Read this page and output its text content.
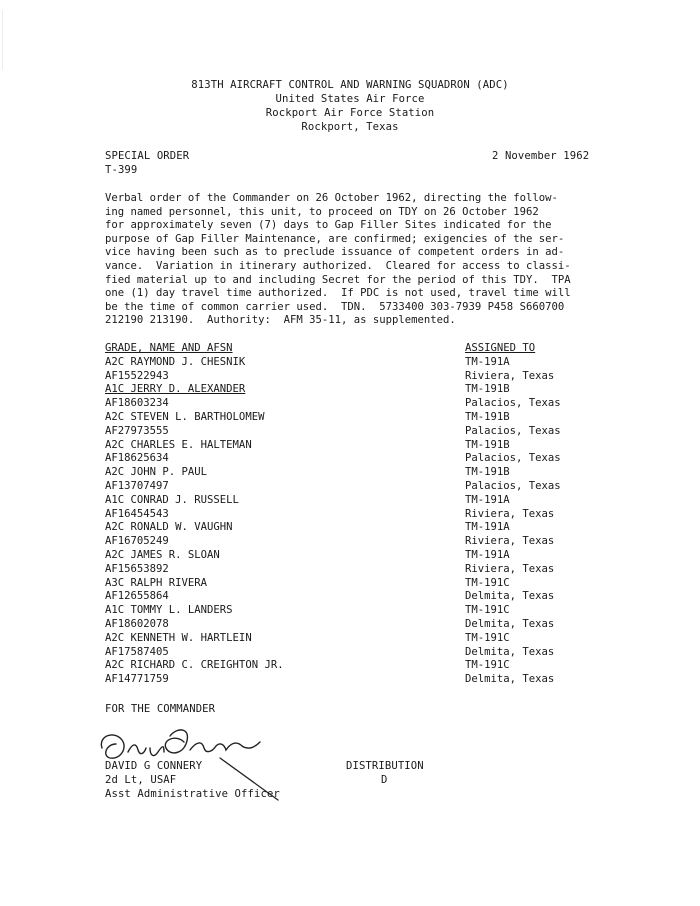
813TH AIRCRAFT CONTROL AND WARNING SQUADRON (ADC)
United States Air Force
Rockport Air Force Station
Rockport, Texas
SPECIAL ORDER
T-399
2 November 1962
Verbal order of the Commander on 26 October 1962, directing the follow-
ing named personnel, this unit, to proceed on TDY on 26 October 1962
for approximately seven (7) days to Gap Filler Sites indicated for the
purpose of Gap Filler Maintenance, are confirmed; exigencies of the ser-
vice having been such as to preclude issuance of competent orders in ad-
vance.  Variation in itinerary authorized.  Cleared for access to classi-
fied material up to and including Secret for the period of this TDY.  TPA
one (1) day travel time authorized.  If PDC is not used, travel time will
be the time of common carrier used.  TDN.  5733400 303-7939 P458 S660700
212190 213190.  Authority:  AFM 35-11, as supplemented.
GRADE, NAME AND AFSN	ASSIGNED TO
A2C RAYMOND J. CHESNIK	TM-191A
AF15522943	Riviera, Texas
A1C JERRY D. ALEXANDER	TM-191B
AF18603234	Palacios, Texas
A2C STEVEN L. BARTHOLOMEW	TM-191B
AF27973555	Palacios, Texas
A2C CHARLES E. HALTEMAN	TM-191B
AF18625634	Palacios, Texas
A2C JOHN P. PAUL	TM-191B
AF13707497	Palacios, Texas
A1C CONRAD J. RUSSELL	TM-191A
AF16454543	Riviera, Texas
A2C RONALD W. VAUGHN	TM-191A
AF16705249	Riviera, Texas
A2C JAMES R. SLOAN	TM-191A
AF15653892	Riviera, Texas
A3C RALPH RIVERA	TM-191C
AF12655864	Delmita, Texas
A1C TOMMY L. LANDERS	TM-191C
AF18602078	Delmita, Texas
A2C KENNETH W. HARTLEIN	TM-191C
AF17587405	Delmita, Texas
A2C RICHARD C. CREIGHTON JR.	TM-191C
AF14771759	Delmita, Texas
FOR THE COMMANDER
DAVID G CONNERY
2d Lt, USAF
Asst Administrative Officer
DISTRIBUTION
D
